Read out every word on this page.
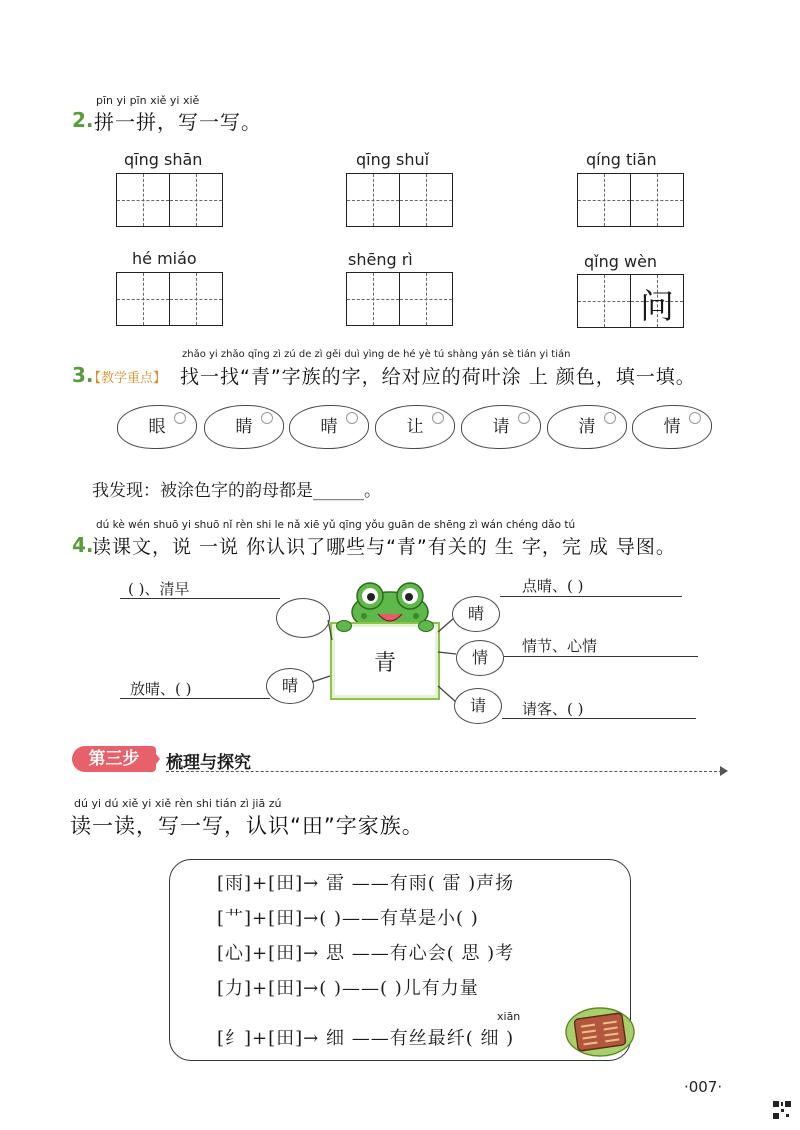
pīn yi pīn xiě yi xiě
2. 拼一拼，写一写。
qīng shān	qīng shuǐ	qíng tiān
hé miáo	shēng rì	qǐng wèn
问
zhǎo yi zhǎo qīng zì zú de zì gěi duì yìng de hé yè tú shàng yán sè tián yi tián
3.
【教学重点】 找一找“青”字族的字，给对应的荷叶涂 上 颜色，填一填。
眼	睛	晴	让	请	清	情
我发现：被涂色字的韵母都是______。
dú kè wén shuō yi shuō nǐ rèn shi le nǎ xiē yǔ qīng yǒu guān de shēng zì wán chéng dǎo tú
4.
读课文，说 一说 你认识了哪些与“青”有关的 生 字，完 成 导图。
( )、清早
放晴、( )	晴
青
晴
点晴、( )
情
情节、心情
请	请客、( )
第三步	梳理与探究
dú yi dú xiě yi xiě rèn shi tián zì jiā zú
读一读，写一写，认识“田”字家族。
[雨]+[田]→ 雷 ——有雨( 雷 )声扬
[艹]+[田]→( )——有草是小( )
[心]+[田]→ 思 ——有心会( 思 )考
[力]+[田]→( )——( )儿有力量
xiān
[纟]+[田]→ 细 ——有丝最纤( 细 )
·007·
